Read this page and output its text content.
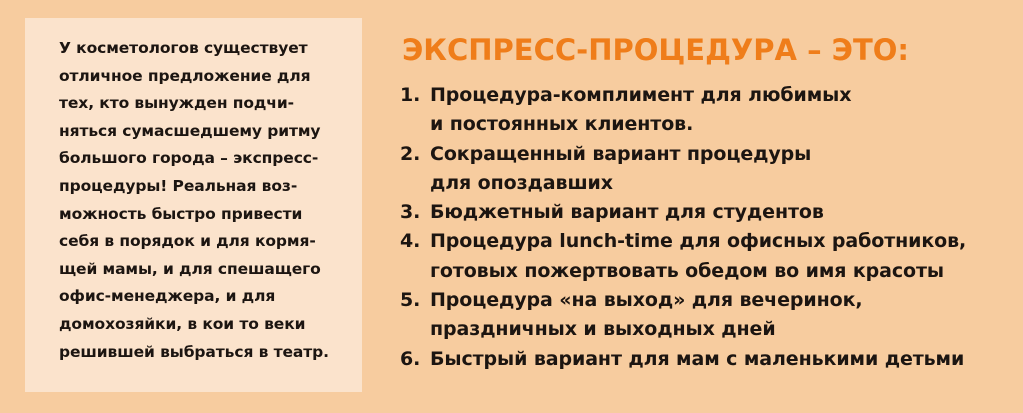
У косметологов существует
отличное предложение для
тех, кто вынужден подчи-
няться сумасшедшему ритму
большого города – экспресс-
процедуры! Реальная воз-
можность быстро привести
себя в порядок и для кормя-
щей мамы, и для спешащего
офис-менеджера, и для
домохозяйки, в кои то веки
решившей выбраться в театр.
ЭКСПРЕСС-ПРОЦЕДУРА – ЭТО:
1. Процедура-комплимент для любимых
и постоянных клиентов.
2. Сокращенный вариант процедуры
для опоздавших
3. Бюджетный вариант для студентов
4. Процедура lunch-time для офисных работников,
готовых пожертвовать обедом во имя красоты
5. Процедура «на выход» для вечеринок,
праздничных и выходных дней
6. Быстрый вариант для мам с маленькими детьми
